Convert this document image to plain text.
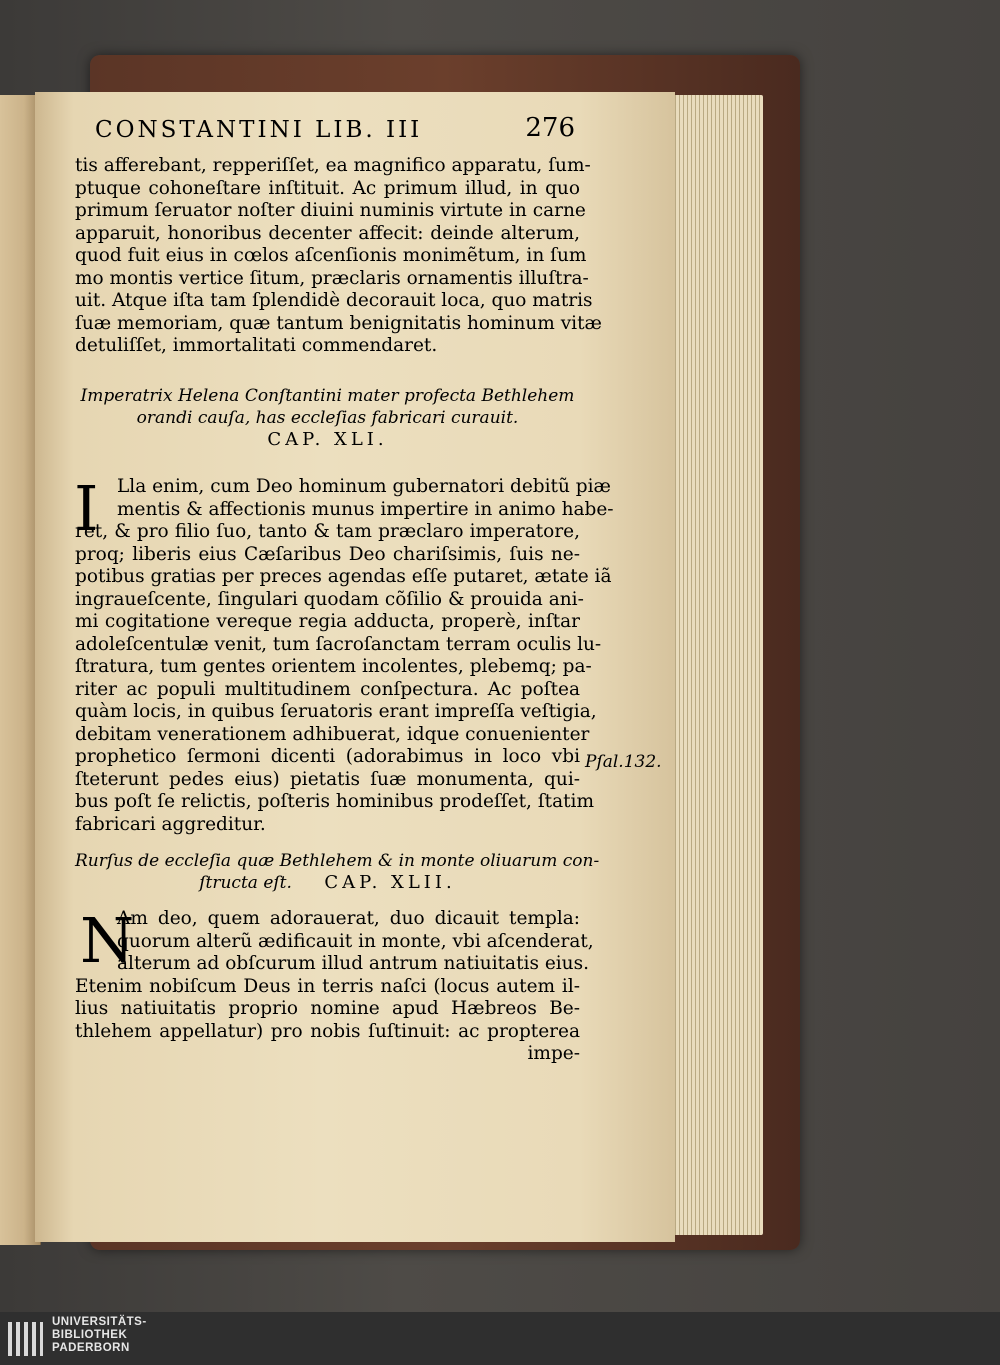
CONSTANTINI LIB. III	276
tis afferebant, repperiſſet, ea magnifico apparatu, ſum-
ptuque cohoneſtare inſtituit. Ac primum illud, in quo
primum ſeruator noſter diuini numinis virtute in carne
apparuit, honoribus decenter affecit: deinde alterum,
quod fuit eius in cœlos aſcenſionis monimẽtum, in ſum
mo montis vertice ſitum, præclaris ornamentis illuſtra-
uit. Atque iſta tam ſplendidè decorauit loca, quo matris
ſuæ memoriam, quæ tantum benignitatis hominum vitæ
detuliſſet, immortalitati commendaret.
Imperatrix Helena Conſtantini mater profecta Bethlehem
orandi cauſa, has eccleſias fabricari curauit.
CAP. XLI.
I	Lla enim, cum Deo hominum gubernatori debitũ piæ
mentis & affectionis munus impertire in animo habe-
ret, & pro filio ſuo, tanto & tam præclaro imperatore,
proq; liberis eius Cæſaribus Deo chariſsimis, ſuis ne-
potibus gratias per preces agendas eſſe putaret, ætate iã
ingraueſcente, ſingulari quodam cõſilio & prouida ani-
mi cogitatione vereque regia adducta, properè, inſtar
adoleſcentulæ venit, tum ſacroſanctam terram oculis lu-
ſtratura, tum gentes orientem incolentes, plebemq; pa-
riter ac populi multitudinem conſpectura. Ac poſtea
quàm locis, in quibus ſeruatoris erant impreſſa veſtigia,
debitam venerationem adhibuerat, idque conuenienter
prophetico ſermoni dicenti (adorabimus in loco vbi
ſteterunt pedes eius) pietatis ſuæ monumenta, qui-
bus poſt ſe relictis, poſteris hominibus prodeſſet, ſtatim
fabricari aggreditur.
Pſal.132.
Rurſus de eccleſia quæ Bethlehem & in monte oliuarum con-
ſtructa eſt. CAP. XLII.
N
Am deo, quem adorauerat, duo dicauit templa:
quorum alterũ ædificauit in monte, vbi aſcenderat,
alterum ad obſcurum illud antrum natiuitatis eius.
Etenim nobiſcum Deus in terris naſci (locus autem il-
lius natiuitatis proprio nomine apud Hæbreos Be-
thlehem appellatur) pro nobis ſuſtinuit: ac propterea
impe-
UNIVERSITÄTS-
BIBLIOTHEK
PADERBORN
